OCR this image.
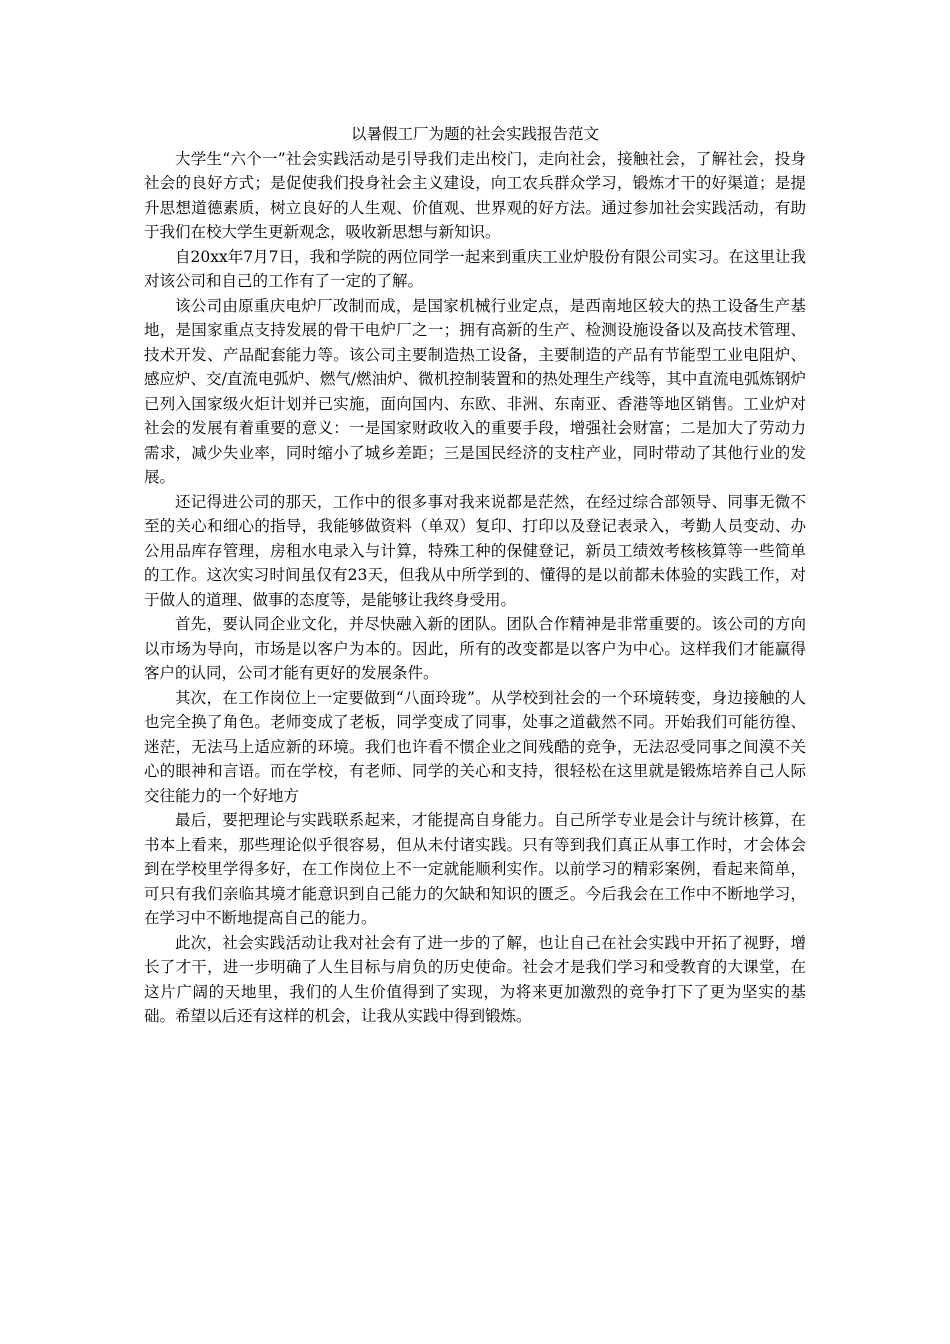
以暑假工厂为题的社会实践报告范文

大学生“六个一”社会实践活动是引导我们走出校门，走向社会，接触社会，了解社会，投身社会的良好方式；是促使我们投身社会主义建设，向工农兵群众学习，锻炼才干的好渠道；是提升思想道德素质，树立良好的人生观、价值观、世界观的好方法。通过参加社会实践活动，有助于我们在校大学生更新观念，吸收新思想与新知识。

自20xx年7月7日，我和学院的两位同学一起来到重庆工业炉股份有限公司实习。在这里让我对该公司和自己的工作有了一定的了解。

该公司由原重庆电炉厂改制而成，是国家机械行业定点，是西南地区较大的热工设备生产基地，是国家重点支持发展的骨干电炉厂之一；拥有高新的生产、检测设施设备以及高技术管理、技术开发、产品配套能力等。该公司主要制造热工设备，主要制造的产品有节能型工业电阻炉、感应炉、交/直流电弧炉、燃气/燃油炉、微机控制装置和的热处理生产线等，其中直流电弧炼钢炉已列入国家级火炬计划并已实施，面向国内、东欧、非洲、东南亚、香港等地区销售。工业炉对社会的发展有着重要的意义：一是国家财政收入的重要手段，增强社会财富；二是加大了劳动力需求，减少失业率，同时缩小了城乡差距；三是国民经济的支柱产业，同时带动了其他行业的发展。

还记得进公司的那天，工作中的很多事对我来说都是茫然，在经过综合部领导、同事无微不至的关心和细心的指导，我能够做资料（单双）复印、打印以及登记表录入，考勤人员变动、办公用品库存管理，房租水电录入与计算，特殊工种的保健登记，新员工绩效考核核算等一些简单的工作。这次实习时间虽仅有23天，但我从中所学到的、懂得的是以前都未体验的实践工作，对于做人的道理、做事的态度等，是能够让我终身受用。

首先，要认同企业文化，并尽快融入新的团队。团队合作精神是非常重要的。该公司的方向以市场为导向，市场是以客户为本的。因此，所有的改变都是以客户为中心。这样我们才能赢得客户的认同，公司才能有更好的发展条件。

其次，在工作岗位上一定要做到“八面玲珑”。从学校到社会的一个环境转变，身边接触的人也完全换了角色。老师变成了老板，同学变成了同事，处事之道截然不同。开始我们可能彷徨、迷茫，无法马上适应新的环境。我们也许看不惯企业之间残酷的竞争，无法忍受同事之间漠不关心的眼神和言语。而在学校，有老师、同学的关心和支持，很轻松在这里就是锻炼培养自己人际交往能力的一个好地方

最后，要把理论与实践联系起来，才能提高自身能力。自己所学专业是会计与统计核算，在书本上看来，那些理论似乎很容易，但从未付诸实践。只有等到我们真正从事工作时，才会体会到在学校里学得多好，在工作岗位上不一定就能顺利实作。以前学习的精彩案例，看起来简单，可只有我们亲临其境才能意识到自己能力的欠缺和知识的匮乏。今后我会在工作中不断地学习，在学习中不断地提高自己的能力。

此次，社会实践活动让我对社会有了进一步的了解，也让自己在社会实践中开拓了视野，增长了才干，进一步明确了人生目标与肩负的历史使命。社会才是我们学习和受教育的大课堂，在这片广阔的天地里，我们的人生价值得到了实现，为将来更加激烈的竞争打下了更为坚实的基础。希望以后还有这样的机会，让我从实践中得到锻炼。
